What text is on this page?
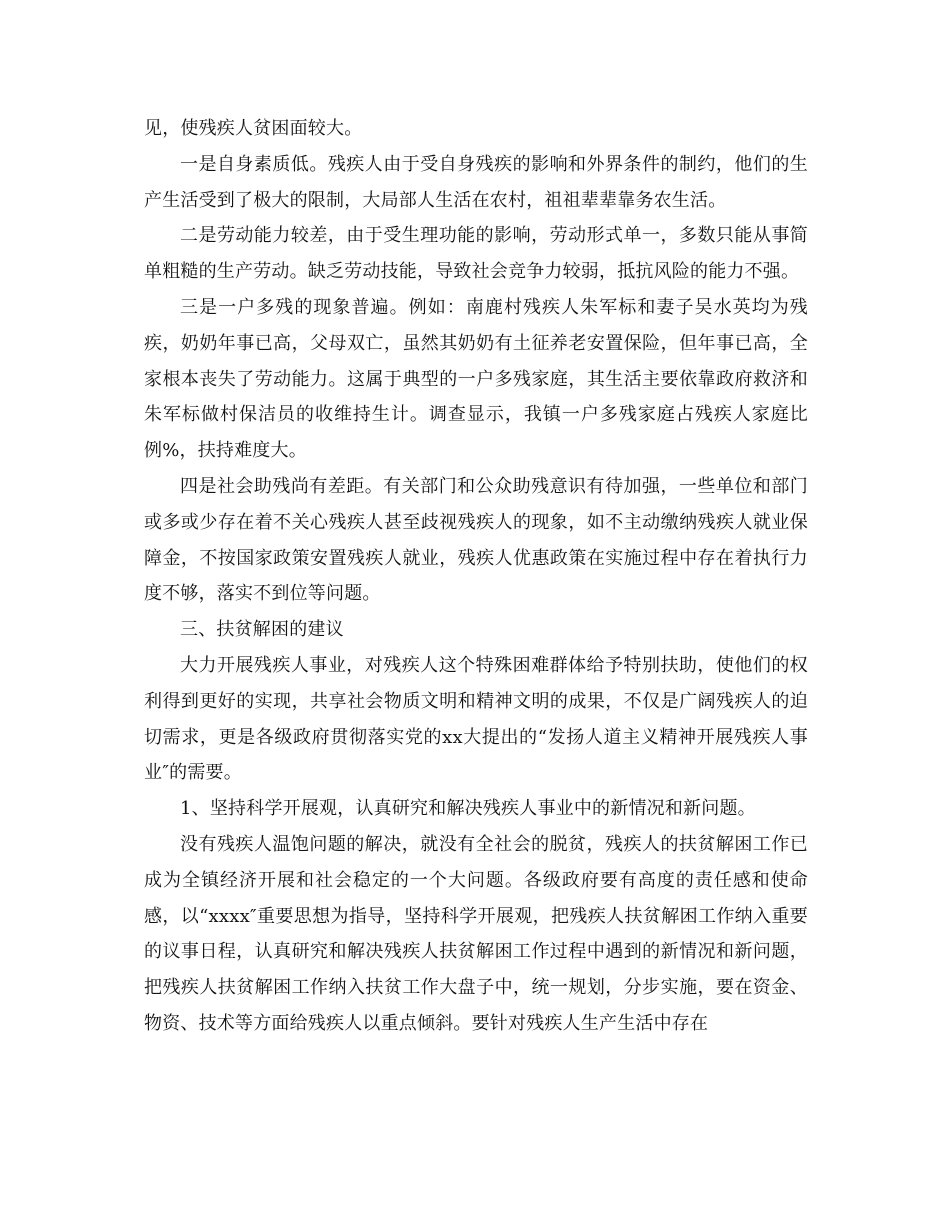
见，使残疾人贫困面较大。

一是自身素质低。残疾人由于受自身残疾的影响和外界条件的制约，他们的生产生活受到了极大的限制，大局部人生活在农村，祖祖辈辈靠务农生活。

二是劳动能力较差，由于受生理功能的影响，劳动形式单一，多数只能从事简单粗糙的生产劳动。缺乏劳动技能，导致社会竞争力较弱，抵抗风险的能力不强。

三是一户多残的现象普遍。例如：南鹿村残疾人朱军标和妻子吴水英均为残疾，奶奶年事已高，父母双亡，虽然其奶奶有土征养老安置保险，但年事已高，全家根本丧失了劳动能力。这属于典型的一户多残家庭，其生活主要依靠政府救济和朱军标做村保洁员的收维持生计。调查显示，我镇一户多残家庭占残疾人家庭比例%，扶持难度大。

四是社会助残尚有差距。有关部门和公众助残意识有待加强，一些单位和部门或多或少存在着不关心残疾人甚至歧视残疾人的现象，如不主动缴纳残疾人就业保障金，不按国家政策安置残疾人就业，残疾人优惠政策在实施过程中存在着执行力度不够，落实不到位等问题。

三、扶贫解困的建议

大力开展残疾人事业，对残疾人这个特殊困难群体给予特别扶助，使他们的权利得到更好的实现，共享社会物质文明和精神文明的成果，不仅是广阔残疾人的迫切需求，更是各级政府贯彻落实党的xx大提出的“发扬人道主义精神开展残疾人事业″的需要。

1、坚持科学开展观，认真研究和解决残疾人事业中的新情况和新问题。

没有残疾人温饱问题的解决，就没有全社会的脱贫，残疾人的扶贫解困工作已成为全镇经济开展和社会稳定的一个大问题。各级政府要有高度的责任感和使命感，以“xxxx″重要思想为指导，坚持科学开展观，把残疾人扶贫解困工作纳入重要的议事日程，认真研究和解决残疾人扶贫解困工作过程中遇到的新情况和新问题，把残疾人扶贫解困工作纳入扶贫工作大盘子中，统一规划，分步实施，要在资金、物资、技术等方面给残疾人以重点倾斜。要针对残疾人生产生活中存在
